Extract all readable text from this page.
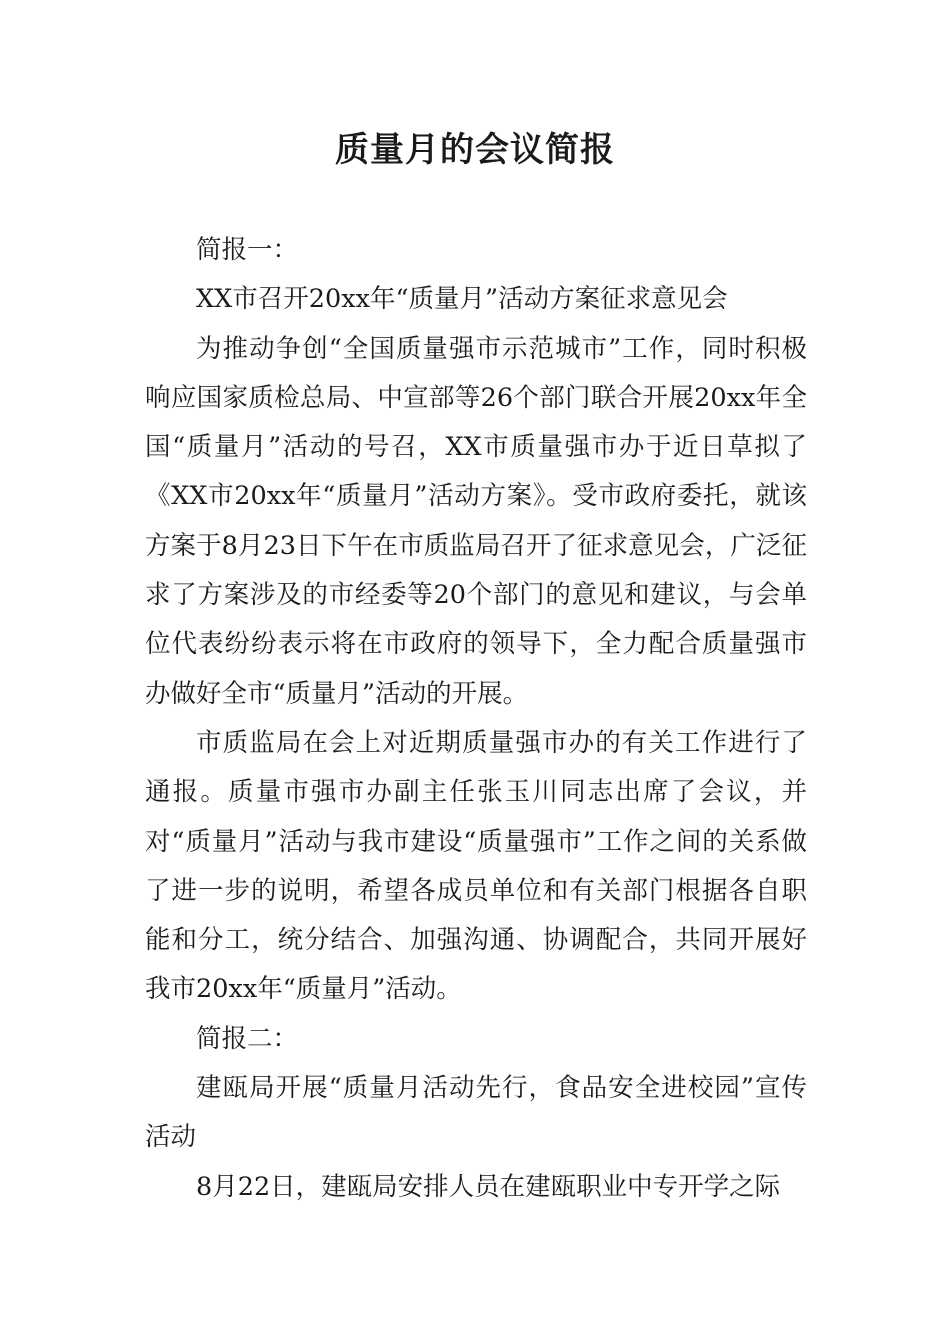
质量月的会议简报

简报一：

XX市召开20xx年“质量月”活动方案征求意见会

为推动争创“全国质量强市示范城市”工作，同时积极响应国家质检总局、中宣部等26个部门联合开展20xx年全国“质量月”活动的号召，XX市质量强市办于近日草拟了《XX市20xx年“质量月”活动方案》。受市政府委托，就该方案于8月23日下午在市质监局召开了征求意见会，广泛征求了方案涉及的市经委等20个部门的意见和建议，与会单位代表纷纷表示将在市政府的领导下，全力配合质量强市办做好全市“质量月”活动的开展。

市质监局在会上对近期质量强市办的有关工作进行了通报。质量市强市办副主任张玉川同志出席了会议，并对“质量月”活动与我市建设“质量强市”工作之间的关系做了进一步的说明，希望各成员单位和有关部门根据各自职能和分工，统分结合、加强沟通、协调配合，共同开展好我市20xx年“质量月”活动。

简报二：

建瓯局开展“质量月活动先行，食品安全进校园”宣传活动

8月22日，建瓯局安排人员在建瓯职业中专开学之际
